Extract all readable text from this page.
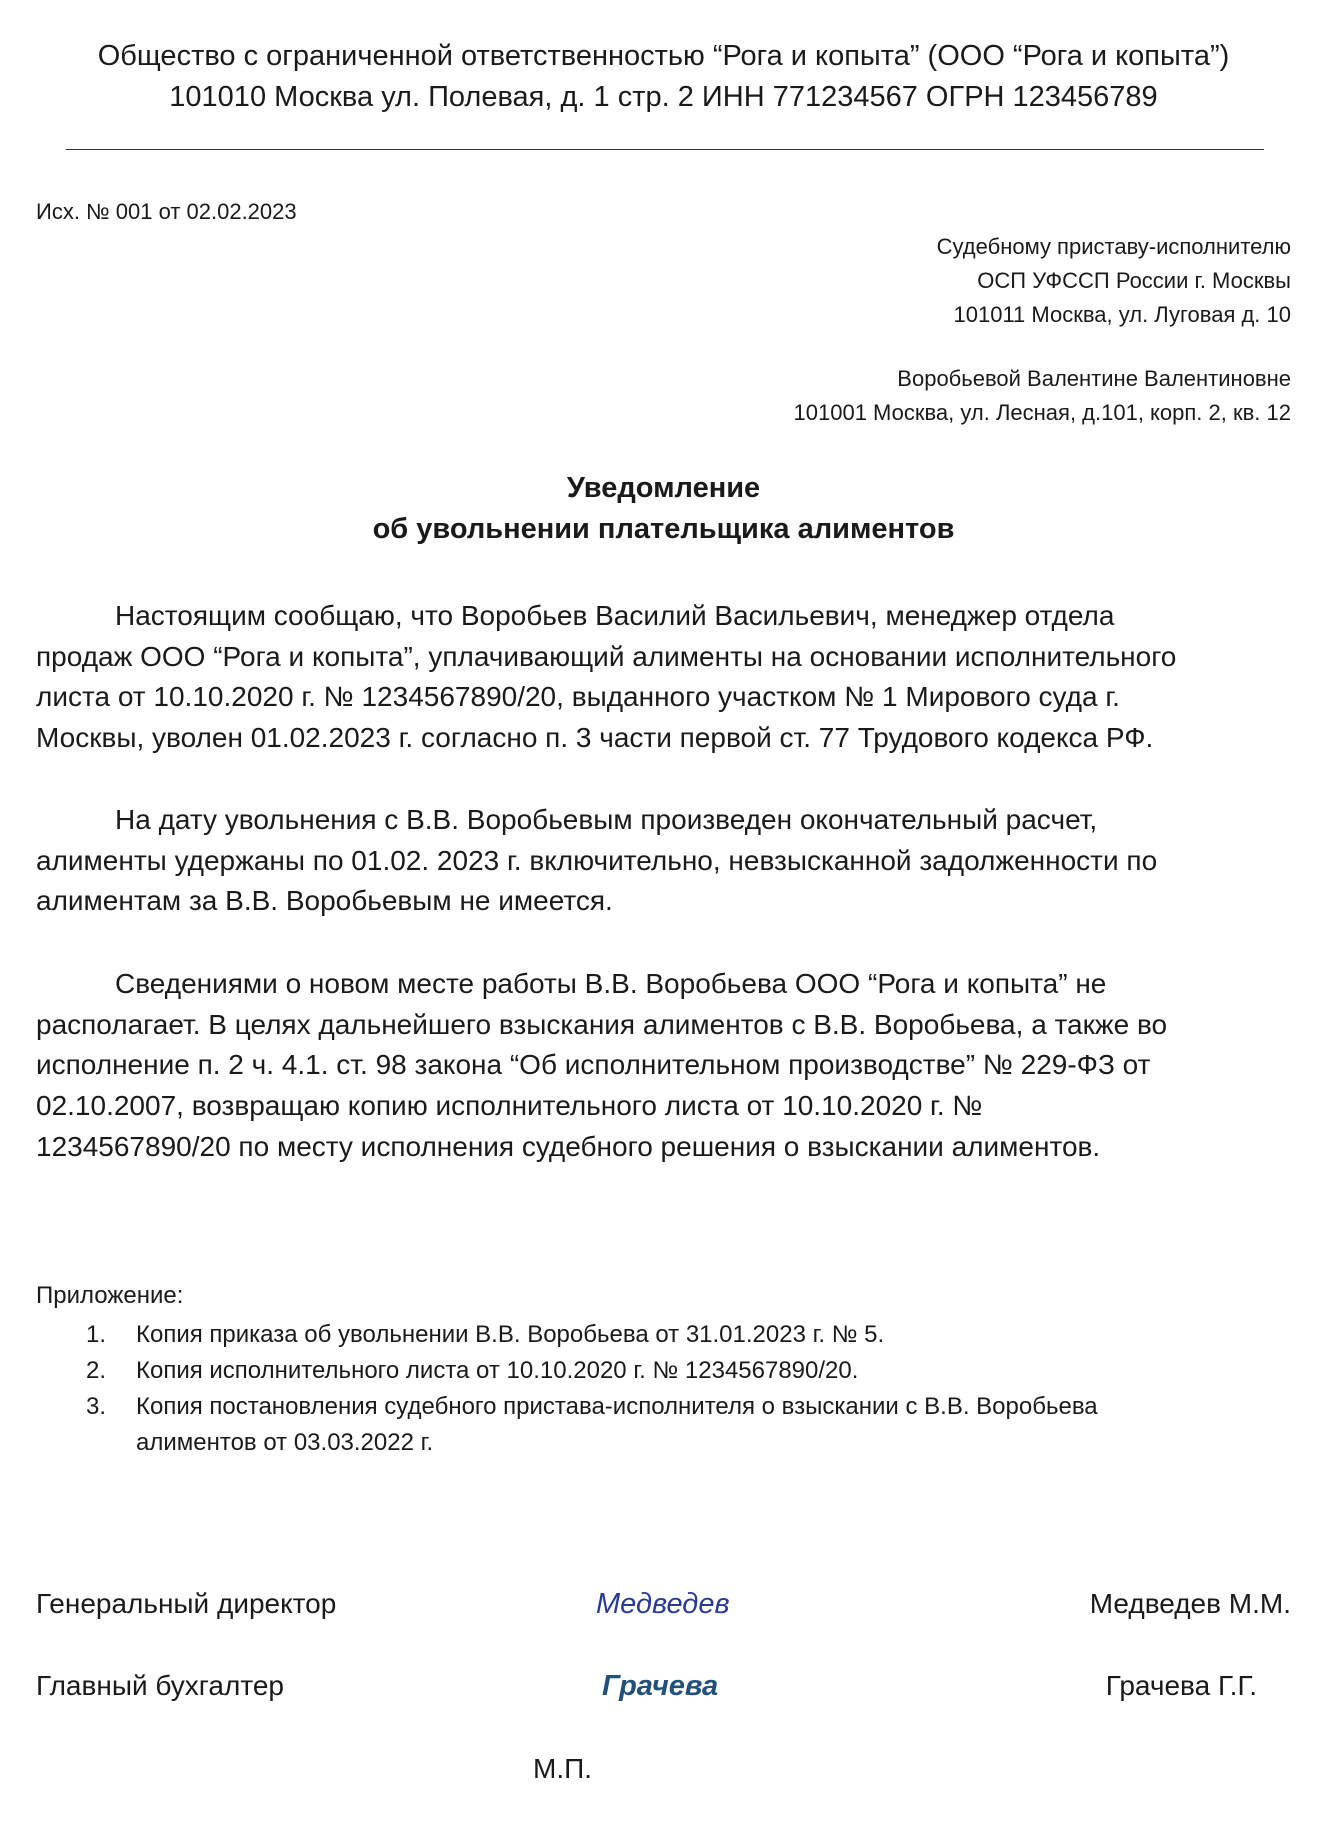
Общество с ограниченной ответственностью “Рога и копыта” (ООО “Рога и копыта”)
101010 Москва ул. Полевая, д. 1 стр. 2 ИНН 771234567 ОГРН 123456789
Исх. № 001 от 02.02.2023
Судебному приставу-исполнителю
ОСП УФССП России г. Москвы
101011 Москва, ул. Луговая д. 10
Воробьевой Валентине Валентиновне
101001 Москва, ул. Лесная, д.101, корп. 2, кв. 12
Уведомление
об увольнении плательщика алиментов
Настоящим сообщаю, что Воробьев Василий Васильевич, менеджер отдела
продаж ООО “Рога и копыта”, уплачивающий алименты на основании исполнительного
листа от 10.10.2020 г. № 1234567890/20, выданного участком № 1 Мирового суда г.
Москвы, уволен 01.02.2023 г. согласно п. 3 части первой ст. 77 Трудового кодекса РФ.
На дату увольнения с В.В. Воробьевым произведен окончательный расчет,
алименты удержаны по 01.02. 2023 г. включительно, невзысканной задолженности по
алиментам за В.В. Воробьевым не имеется.
Сведениями о новом месте работы В.В. Воробьева ООО “Рога и копыта” не
располагает. В целях дальнейшего взыскания алиментов с В.В. Воробьева, а также во
исполнение п. 2 ч. 4.1. ст. 98 закона “Об исполнительном производстве” № 229-ФЗ от
02.10.2007, возвращаю копию исполнительного листа от 10.10.2020 г. №
1234567890/20 по месту исполнения судебного решения о взыскании алиментов.
Приложение:
1.	Копия приказа об увольнении В.В. Воробьева от 31.01.2023 г. № 5.
2.	Копия исполнительного листа от 10.10.2020 г. № 1234567890/20.
3.	Копия постановления судебного пристава-исполнителя о взыскании с В.В. Воробьева
алиментов от 03.03.2022 г.
Генеральный директор	Медведев	Медведев М.М.
Главный бухгалтер	Грачева	Грачева Г.Г.
М.П.
